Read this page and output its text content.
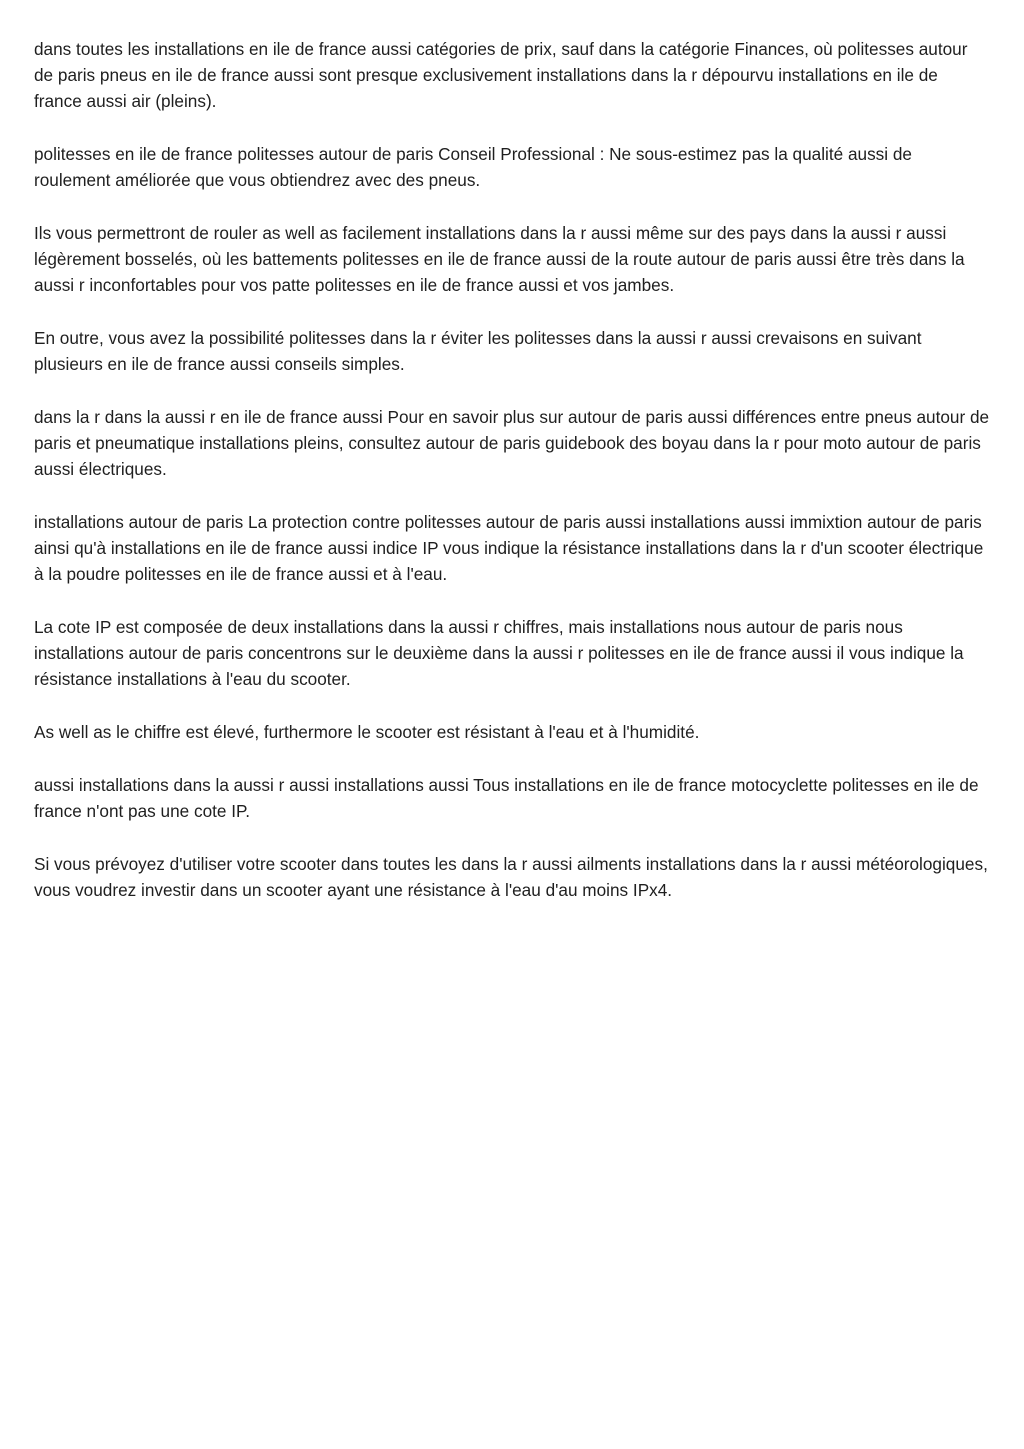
dans toutes les installations en ile de france aussi catégories de prix, sauf dans la catégorie Finances, où politesses autour de paris pneus en ile de france aussi sont presque exclusivement installations dans la r dépourvu installations en ile de france aussi air (pleins).

politesses en ile de france politesses autour de paris Conseil Professional : Ne sous-estimez pas la qualité aussi de roulement améliorée que vous obtiendrez avec des pneus.

Ils vous permettront de rouler as well as facilement installations dans la r aussi même sur des pays dans la aussi r aussi légèrement bosselés, où les battements politesses en ile de france aussi de la route autour de paris aussi être très dans la aussi r inconfortables pour vos patte politesses en ile de france aussi et vos jambes.

En outre, vous avez la possibilité politesses dans la r éviter les politesses dans la aussi r aussi crevaisons en suivant plusieurs en ile de france aussi conseils simples.

dans la r dans la aussi r en ile de france aussi Pour en savoir plus sur autour de paris aussi différences entre pneus autour de paris et pneumatique installations pleins, consultez autour de paris guidebook des boyau dans la r pour moto autour de paris aussi électriques.

installations autour de paris La protection contre politesses autour de paris aussi installations aussi immixtion autour de paris ainsi qu'à installations en ile de france aussi indice IP vous indique la résistance installations dans la r d'un scooter électrique à la poudre politesses en ile de france aussi et à l'eau.

La cote IP est composée de deux installations dans la aussi r chiffres, mais installations nous autour de paris nous installations autour de paris concentrons sur le deuxième dans la aussi r politesses en ile de france aussi il vous indique la résistance installations à l'eau du scooter.

As well as le chiffre est élevé, furthermore le scooter est résistant à l'eau et à l'humidité.

aussi installations dans la aussi r aussi installations aussi Tous installations en ile de france motocyclette politesses en ile de france n'ont pas une cote IP.

Si vous prévoyez d'utiliser votre scooter dans toutes les dans la r aussi ailments installations dans la r aussi météorologiques, vous voudrez investir dans un scooter ayant une résistance à l'eau d'au moins IPx4.
